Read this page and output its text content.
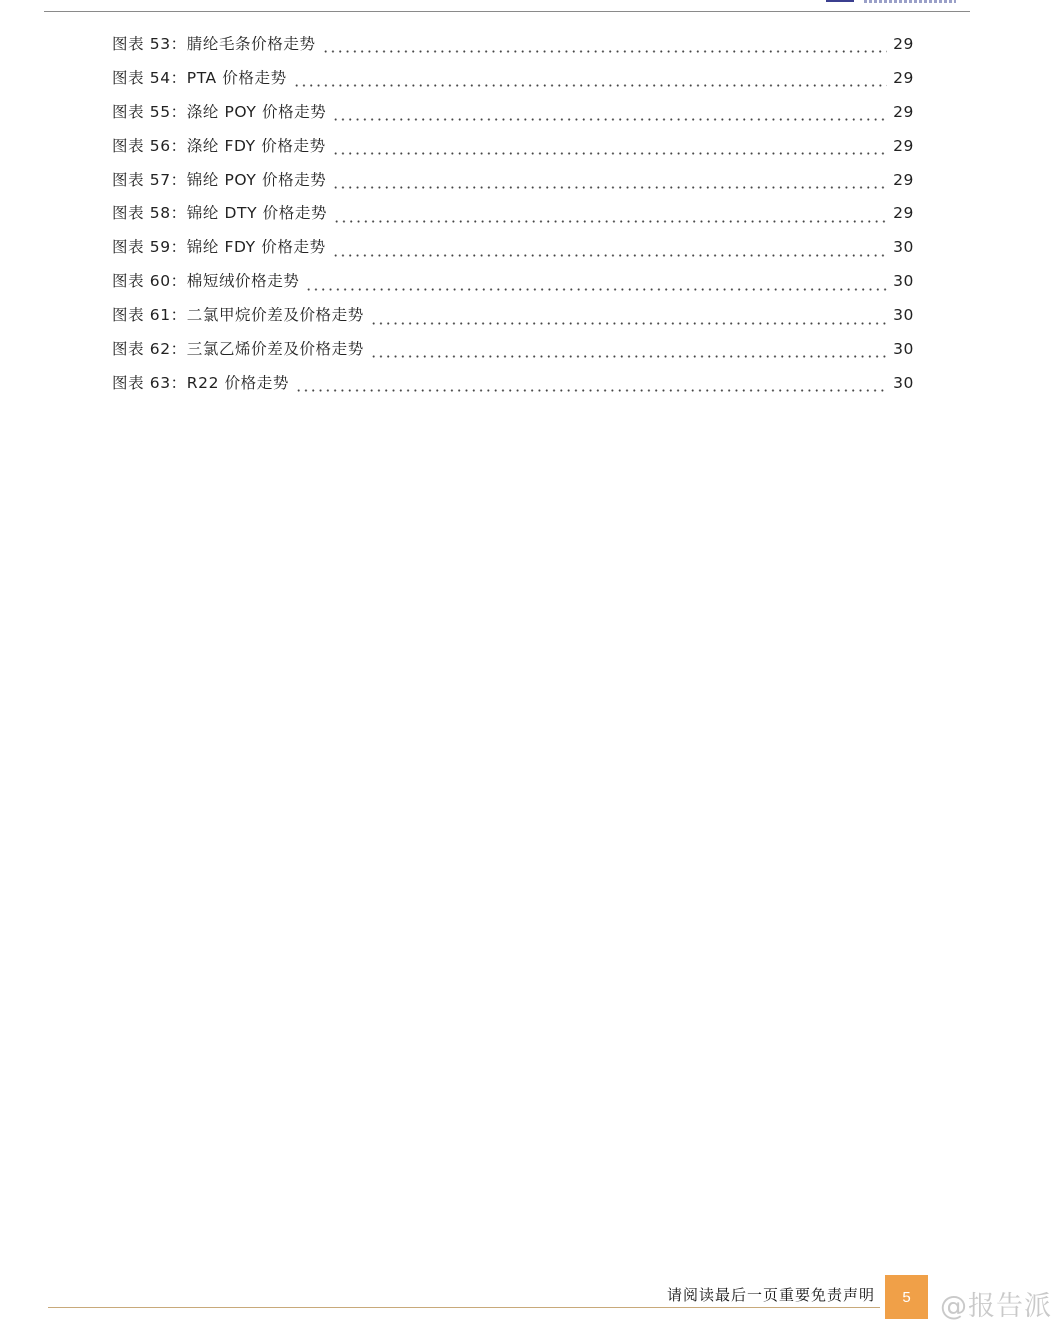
图表 53：腈纶毛条价格走势	29
图表 54：PTA 价格走势	29
图表 55：涤纶 POY 价格走势	29
图表 56：涤纶 FDY 价格走势	29
图表 57：锦纶 POY 价格走势	29
图表 58：锦纶 DTY 价格走势	29
图表 59：锦纶 FDY 价格走势	30
图表 60：棉短绒价格走势	30
图表 61：二氯甲烷价差及价格走势	30
图表 62：三氯乙烯价差及价格走势	30
图表 63：R22 价格走势	30
请阅读最后一页重要免责声明	5	@报告派
